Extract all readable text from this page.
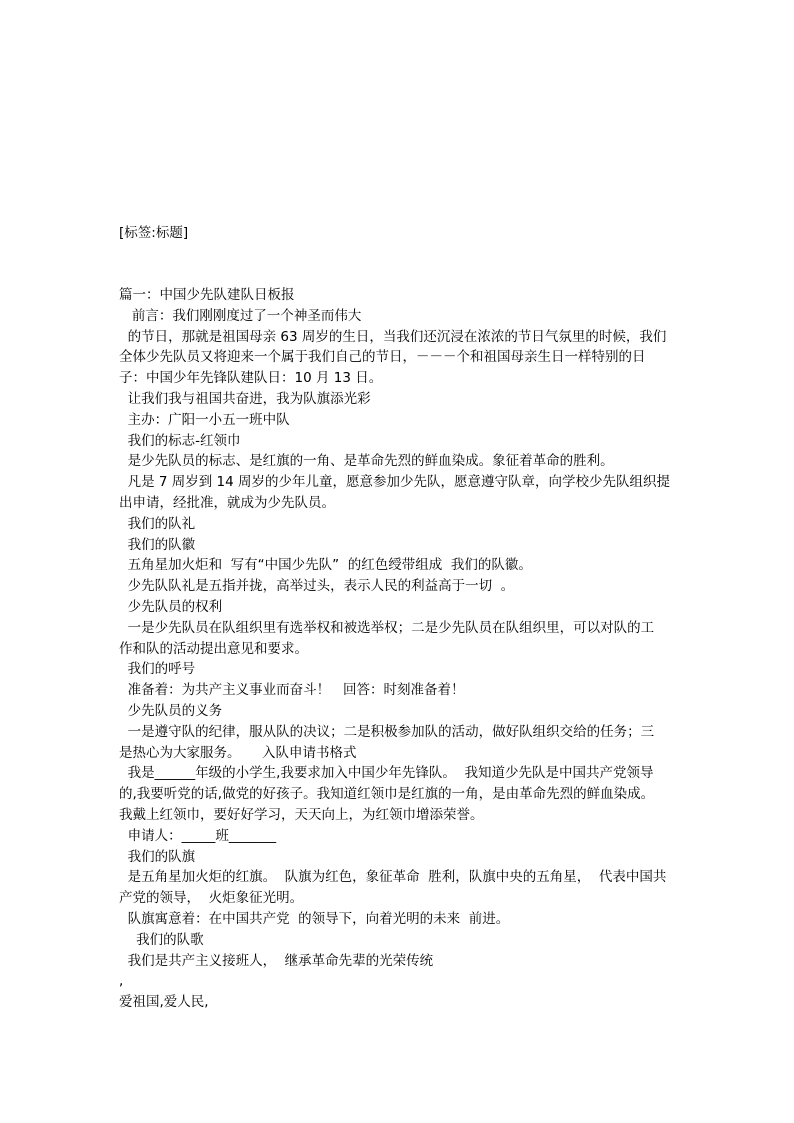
[标签:标题]
篇一：中国少先队建队日板报
前言：我们刚刚度过了一个神圣而伟大
的节日，那就是祖国母亲 63 周岁的生日，当我们还沉浸在浓浓的节日气氛里的时候，我们
全体少先队员又将迎来一个属于我们自己的节日，－－－个和祖国母亲生日一样特别的日
子：中国少年先锋队建队日：10 月 13 日。
让我们我与祖国共奋进，我为队旗添光彩
主办：广阳一小五一班中队
我们的标志-红领巾
是少先队员的标志、是红旗的一角、是革命先烈的鲜血染成。象征着革命的胜利。
凡是 7 周岁到 14 周岁的少年儿童，愿意参加少先队，愿意遵守队章，向学校少先队组织提
出申请，经批准，就成为少先队员。
我们的队礼
我们的队徽
五角星加火炬和  写有“中国少先队”  的红色绶带组成  我们的队徽。
少先队队礼是五指并拢，高举过头，表示人民的利益高于一切  。
少先队员的权利
一是少先队员在队组织里有选举权和被选举权；二是少先队员在队组织里，可以对队的工
作和队的活动提出意见和要求。
我们的呼号
准备着：为共产主义事业而奋斗！   回答：时刻准备着！
少先队员的义务
一是遵守队的纪律，服从队的决议；二是积极参加队的活动，做好队组织交给的任务；三
是热心为大家服务。     入队申请书格式
我是______年级的小学生,我要求加入中国少年先锋队。  我知道少先队是中国共产党领导
的,我要听党的话,做党的好孩子。我知道红领巾是红旗的一角，是由革命先烈的鲜血染成。
我戴上红领巾，要好好学习，天天向上，为红领巾增添荣誉。
申请人：_____班_______
我们的队旗
是五角星加火炬的红旗。  队旗为红色，象征革命  胜利，队旗中央的五角星，  代表中国共
产党的领导，  火炬象征光明。
队旗寓意着：在中国共产党  的领导下，向着光明的未来  前进。
我们的队歌
我们是共产主义接班人，  继承革命先辈的光荣传统
,
爱祖国,爱人民,
